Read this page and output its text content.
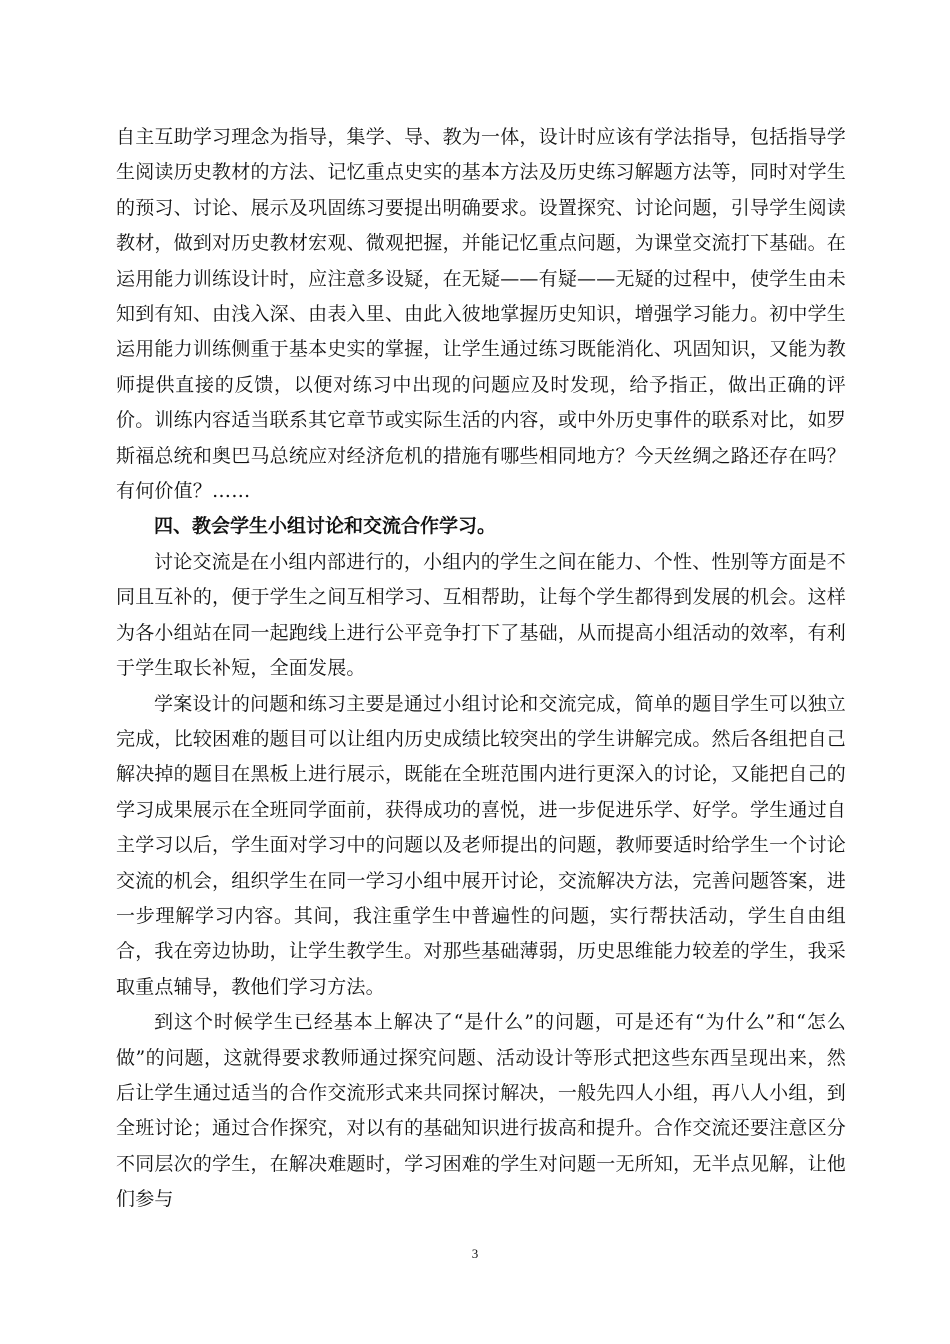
自主互助学习理念为指导，集学、导、教为一体，设计时应该有学法指导，包括指导学生阅读历史教材的方法、记忆重点史实的基本方法及历史练习解题方法等，同时对学生的预习、讨论、展示及巩固练习要提出明确要求。设置探究、讨论问题，引导学生阅读教材，做到对历史教材宏观、微观把握，并能记忆重点问题，为课堂交流打下基础。在运用能力训练设计时，应注意多设疑，在无疑——有疑——无疑的过程中，使学生由未知到有知、由浅入深、由表入里、由此入彼地掌握历史知识，增强学习能力。初中学生运用能力训练侧重于基本史实的掌握，让学生通过练习既能消化、巩固知识，又能为教师提供直接的反馈，以便对练习中出现的问题应及时发现，给予指正，做出正确的评价。训练内容适当联系其它章节或实际生活的内容，或中外历史事件的联系对比，如罗斯福总统和奥巴马总统应对经济危机的措施有哪些相同地方？今天丝绸之路还存在吗？有何价值？……

四、教会学生小组讨论和交流合作学习。

讨论交流是在小组内部进行的，小组内的学生之间在能力、个性、性别等方面是不同且互补的，便于学生之间互相学习、互相帮助，让每个学生都得到发展的机会。这样为各小组站在同一起跑线上进行公平竞争打下了基础，从而提高小组活动的效率，有利于学生取长补短，全面发展。

学案设计的问题和练习主要是通过小组讨论和交流完成，简单的题目学生可以独立完成，比较困难的题目可以让组内历史成绩比较突出的学生讲解完成。然后各组把自己解决掉的题目在黑板上进行展示，既能在全班范围内进行更深入的讨论，又能把自己的学习成果展示在全班同学面前，获得成功的喜悦，进一步促进乐学、好学。学生通过自主学习以后，学生面对学习中的问题以及老师提出的问题，教师要适时给学生一个讨论交流的机会，组织学生在同一学习小组中展开讨论，交流解决方法，完善问题答案，进一步理解学习内容。其间，我注重学生中普遍性的问题，实行帮扶活动，学生自由组合，我在旁边协助，让学生教学生。对那些基础薄弱，历史思维能力较差的学生，我采取重点辅导，教他们学习方法。

到这个时候学生已经基本上解决了“是什么”的问题，可是还有“为什么”和“怎么做”的问题，这就得要求教师通过探究问题、活动设计等形式把这些东西呈现出来，然后让学生通过适当的合作交流形式来共同探讨解决，一般先四人小组，再八人小组，到全班讨论；通过合作探究，对以有的基础知识进行拔高和提升。合作交流还要注意区分不同层次的学生，在解决难题时，学习困难的学生对问题一无所知，无半点见解，让他们参与

3
